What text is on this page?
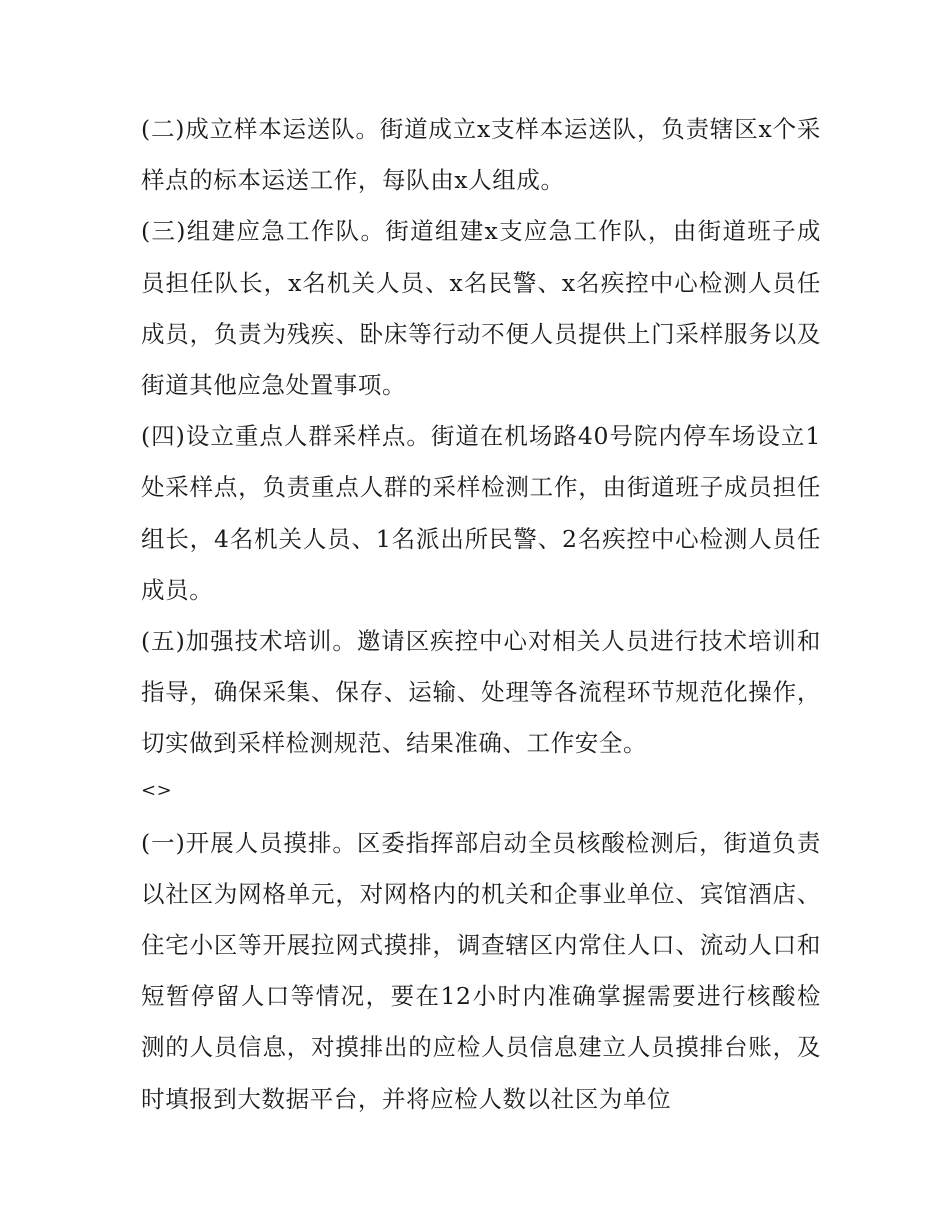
(二)成立样本运送队。街道成立x支样本运送队，负责辖区x个采样点的标本运送工作，每队由x人组成。

(三)组建应急工作队。街道组建x支应急工作队，由街道班子成员担任队长，x名机关人员、x名民警、x名疾控中心检测人员任成员，负责为残疾、卧床等行动不便人员提供上门采样服务以及街道其他应急处置事项。

(四)设立重点人群采样点。街道在机场路40号院内停车场设立1处采样点，负责重点人群的采样检测工作，由街道班子成员担任组长，4名机关人员、1名派出所民警、2名疾控中心检测人员任成员。

(五)加强技术培训。邀请区疾控中心对相关人员进行技术培训和指导，确保采集、保存、运输、处理等各流程环节规范化操作，切实做到采样检测规范、结果准确、工作安全。

<>

(一)开展人员摸排。区委指挥部启动全员核酸检测后，街道负责以社区为网格单元，对网格内的机关和企事业单位、宾馆酒店、住宅小区等开展拉网式摸排，调查辖区内常住人口、流动人口和短暂停留人口等情况，要在12小时内准确掌握需要进行核酸检测的人员信息，对摸排出的应检人员信息建立人员摸排台账，及时填报到大数据平台，并将应检人数以社区为单位
